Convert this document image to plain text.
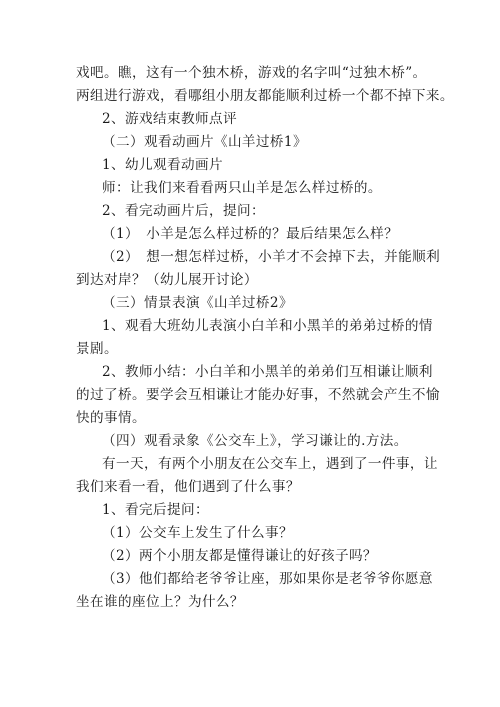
戏吧。瞧，这有一个独木桥，游戏的名字叫“过独木桥”。
两组进行游戏，看哪组小朋友都能顺利过桥一个都不掉下来。
2、游戏结束教师点评
（二）观看动画片《山羊过桥1》
1、幼儿观看动画片
师：让我们来看看两只山羊是怎么样过桥的。
2、看完动画片后，提问：
（1）　小羊是怎么样过桥的？最后结果怎么样？
（2）　想一想怎样过桥，小羊才不会掉下去，并能顺利
到达对岸？（幼儿展开讨论）
（三）情景表演《山羊过桥2》
1、观看大班幼儿表演小白羊和小黑羊的弟弟过桥的情
景剧。
2、教师小结：小白羊和小黑羊的弟弟们互相谦让顺利
的过了桥。要学会互相谦让才能办好事，不然就会产生不愉
快的事情。
（四）观看录象《公交车上》，学习谦让的.方法。
有一天，有两个小朋友在公交车上，遇到了一件事，让
我们来看一看，他们遇到了什么事？
1、看完后提问：
（1）公交车上发生了什么事？
（2）两个小朋友都是懂得谦让的好孩子吗？
（3）他们都给老爷爷让座，那如果你是老爷爷你愿意
坐在谁的座位上？为什么？
